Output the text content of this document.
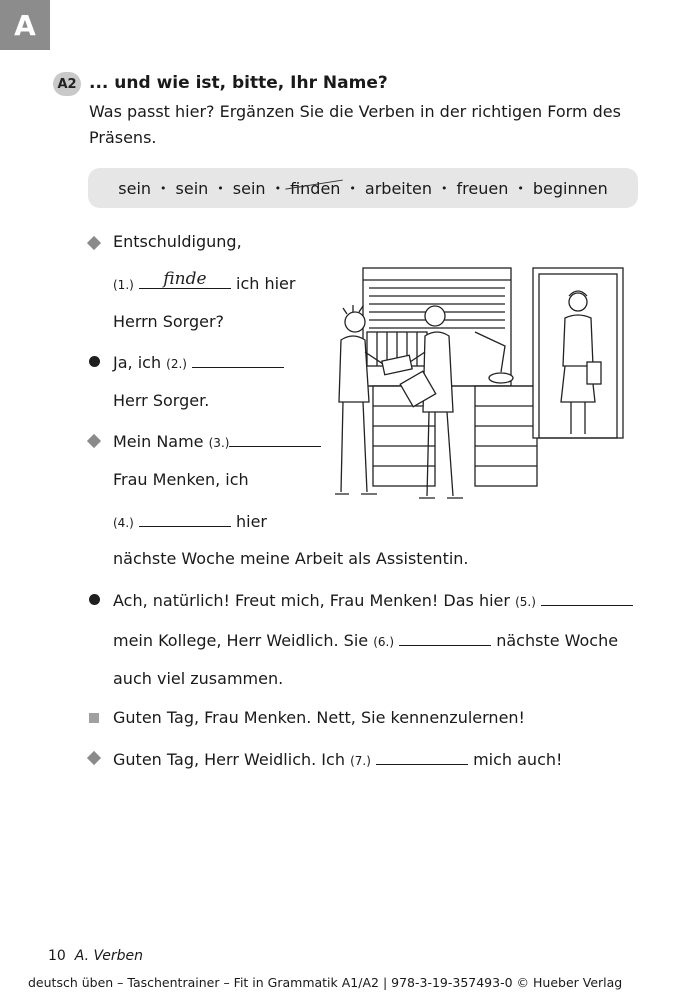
A
A2 ... und wie ist, bitte, Ihr Name?
Was passt hier? Ergänzen Sie die Verben in der richtigen Form des Präsens.
sein • sein • sein • finden • arbeiten • freuen • beginnen
Entschuldigung,
(1.)	finde	ich hier
Herrn Sorger?
Ja, ich (2.)
Herr Sorger.
Mein Name (3.)
Frau Menken, ich
(4.)	hier
nächste Woche meine Arbeit als Assistentin.
Ach, natürlich! Freut mich, Frau Menken! Das hier (5.)
mein Kollege, Herr Weidlich. Sie (6.)	nächste Woche
auch viel zusammen.
Guten Tag, Frau Menken. Nett, Sie kennenzulernen!
Guten Tag, Herr Weidlich. Ich (7.)	mich auch!
10 A. Verben
deutsch üben – Taschentrainer – Fit in Grammatik A1/A2 | 978-3-19-357493-0 © Hueber Verlag
